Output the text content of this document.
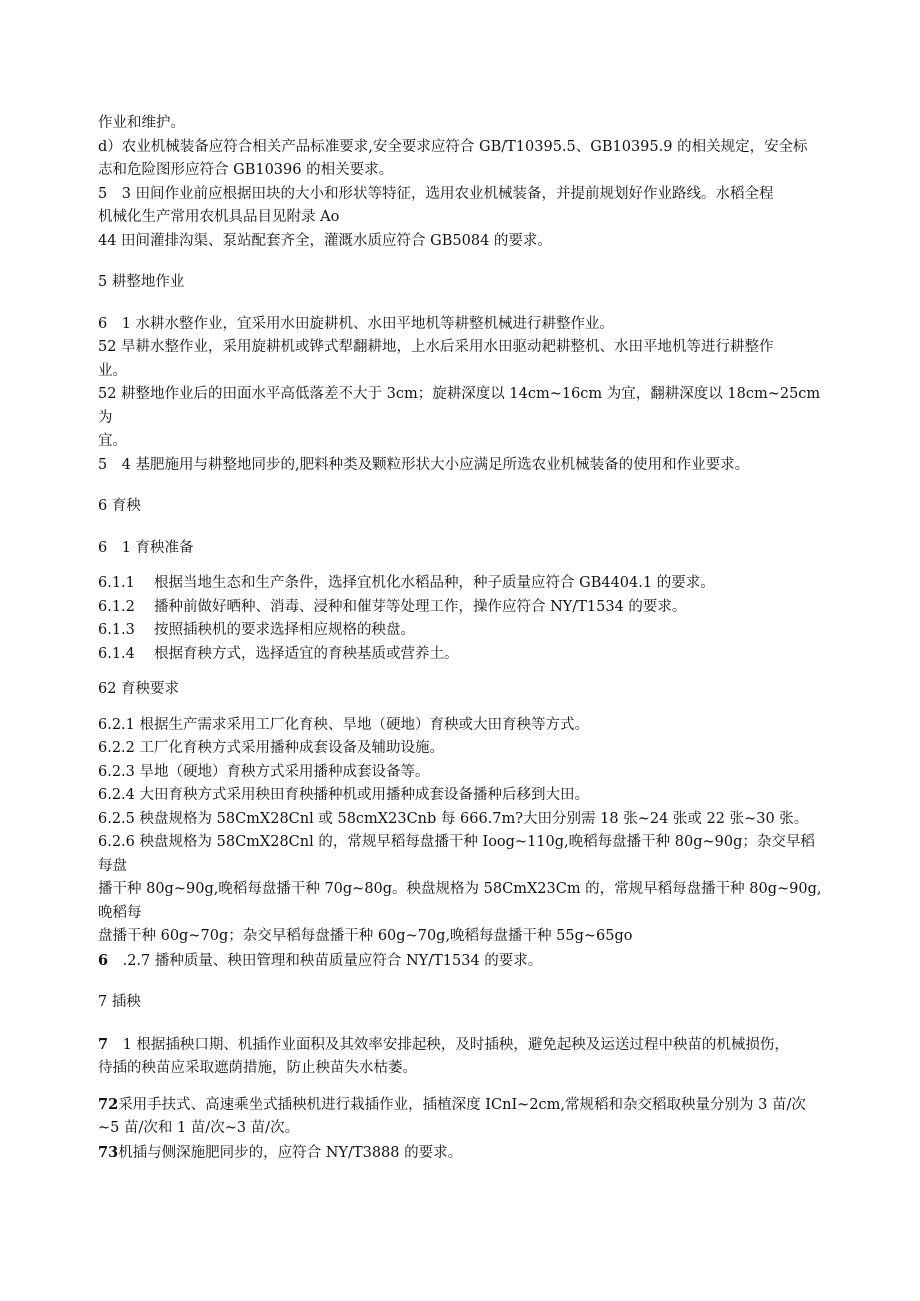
作业和维护。
d）农业机械装备应符合相关产品标准要求,安全要求应符合 GB/T10395.5、GB10395.9 的相关规定，安全标
志和危险图形应符合 GB10396 的相关要求。
5　3 田间作业前应根据田块的大小和形状等特征，选用农业机械装备，并提前规划好作业路线。水稻全程
机械化生产常用农机具品目见附录 Ao
44 田间灌排沟渠、泵站配套齐全，灌溉水质应符合 GB5084 的要求。
5 耕整地作业
6　1 水耕水整作业，宜采用水田旋耕机、水田平地机等耕整机械进行耕整作业。
52 旱耕水整作业，采用旋耕机或铧式犁翻耕地，上水后采用水田驱动耙耕整机、水田平地机等进行耕整作
业。
52 耕整地作业后的田面水平高低落差不大于 3cm；旋耕深度以 14cm~16cm 为宜，翻耕深度以 18cm~25cm 为
宜。
5　4 基肥施用与耕整地同步的,肥料种类及颗粒形状大小应满足所选农业机械装备的使用和作业要求。
6 育秧
6　1 育秧准备
6.1.1　 根据当地生态和生产条件，选择宜机化水稻品种，种子质量应符合 GB4404.1 的要求。
6.1.2　 播种前做好晒种、消毒、浸种和催芽等处理工作，操作应符合 NY/T1534 的要求。
6.1.3　 按照插秧机的要求选择相应规格的秧盘。
6.1.4　 根据育秧方式，选择适宜的育秧基质或营养土。
62 育秧要求
6.2.1 根据生产需求采用工厂化育秧、旱地（硬地）育秧或大田育秧等方式。
6.2.2 工厂化育秧方式采用播种成套设备及辅助设施。
6.2.3 旱地（硬地）育秧方式采用播种成套设备等。
6.2.4 大田育秧方式采用秧田育秧播种机或用播种成套设备播种后移到大田。
6.2.5 秧盘规格为 58CmX28Cnl 或 58cmX23Cnb 每 666.7m?大田分别需 18 张~24 张或 22 张~30 张。
6.2.6 秧盘规格为 58CmX28Cnl 的，常规早稻每盘播干种 Ioog~110g,晚稻每盘播干种 80g~90g；杂交早稻每盘
播干种 80g~90g,晚稻每盘播干种 70g~80g。秧盘规格为 58CmX23Cm 的，常规早稻每盘播干种 80g~90g,晚稻每
盘播干种 60g~70g；杂交早稻每盘播干种 60g~70g,晚稻每盘播干种 55g~65go
6　 .2.7 播种质量、秧田管理和秧苗质量应符合 NY/T1534 的要求。
7 插秧
7　 1 根据插秧口期、机插作业面积及其效率安排起秧，及时插秧，避免起秧及运送过程中秧苗的机械损伤，
待插的秧苗应采取遮荫措施，防止秧苗失水枯萎。
72采用手扶式、高速乘坐式插秧机进行栽插作业，插植深度 ICnI~2cm,常规稻和杂交稻取秧量分别为 3 苗/次
~5 苗/次和 1 苗/次~3 苗/次。
73机插与侧深施肥同步的，应符合 NY/T3888 的要求。
